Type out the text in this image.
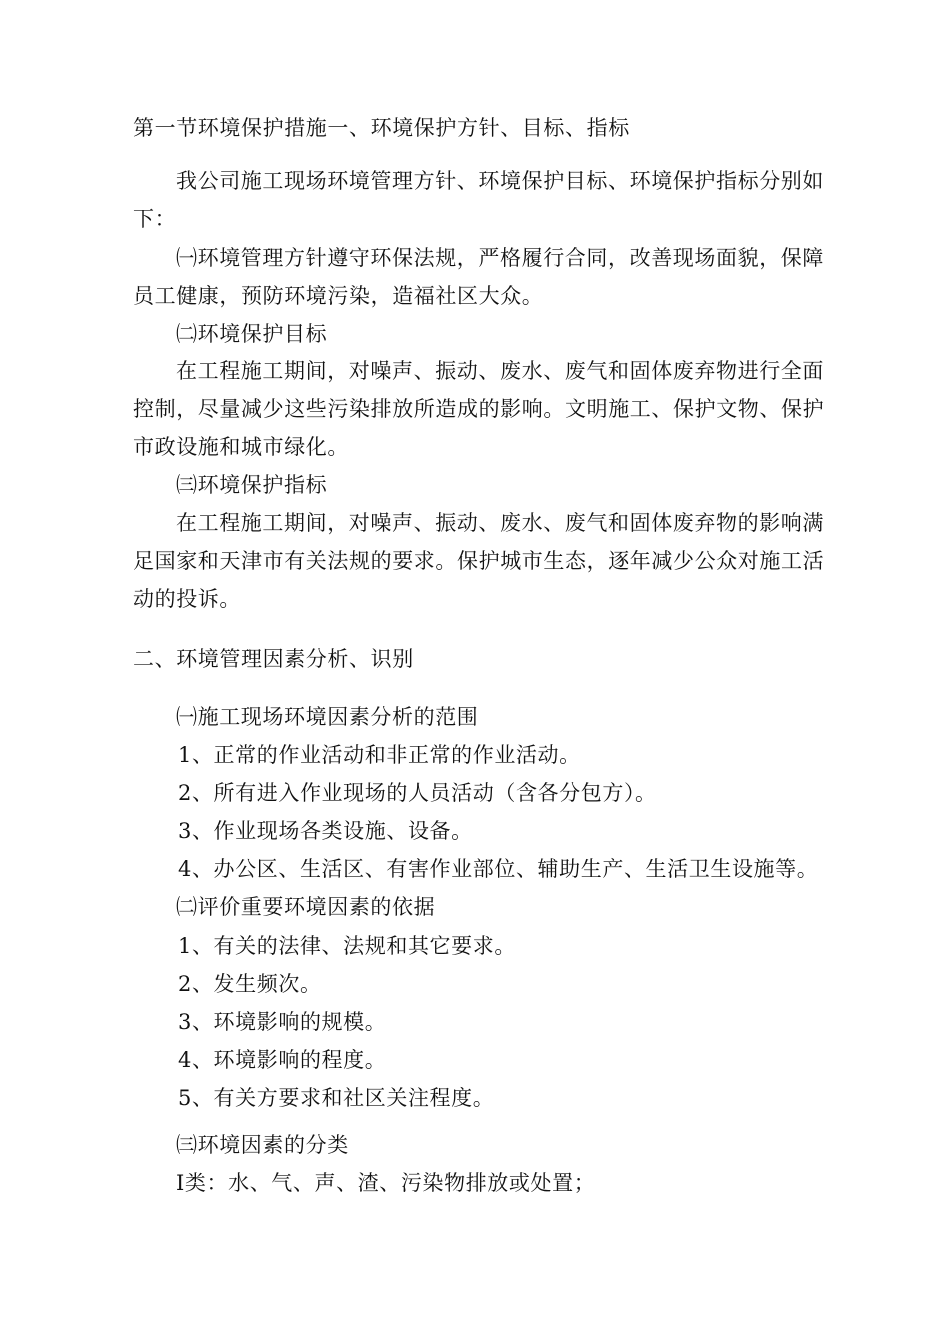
第一节环境保护措施一、环境保护方针、目标、指标
我公司施工现场环境管理方针、环境保护目标、环境保护指标分别如
下：
㈠环境管理方针遵守环保法规，严格履行合同，改善现场面貌，保障
员工健康，预防环境污染，造福社区大众。
㈡环境保护目标
在工程施工期间，对噪声、振动、废水、废气和固体废弃物进行全面
控制，尽量减少这些污染排放所造成的影响。文明施工、保护文物、保护
市政设施和城市绿化。
㈢环境保护指标
在工程施工期间，对噪声、振动、废水、废气和固体废弃物的影响满
足国家和天津市有关法规的要求。保护城市生态，逐年减少公众对施工活
动的投诉。
二、环境管理因素分析、识别
㈠施工现场环境因素分析的范围
1、正常的作业活动和非正常的作业活动。
2、所有进入作业现场的人员活动（含各分包方）。
3、作业现场各类设施、设备。
4、办公区、生活区、有害作业部位、辅助生产、生活卫生设施等。
㈡评价重要环境因素的依据
1、有关的法律、法规和其它要求。
2、发生频次。
3、环境影响的规模。
4、环境影响的程度。
5、有关方要求和社区关注程度。
㈢环境因素的分类
Ⅰ类：水、气、声、渣、污染物排放或处置；
